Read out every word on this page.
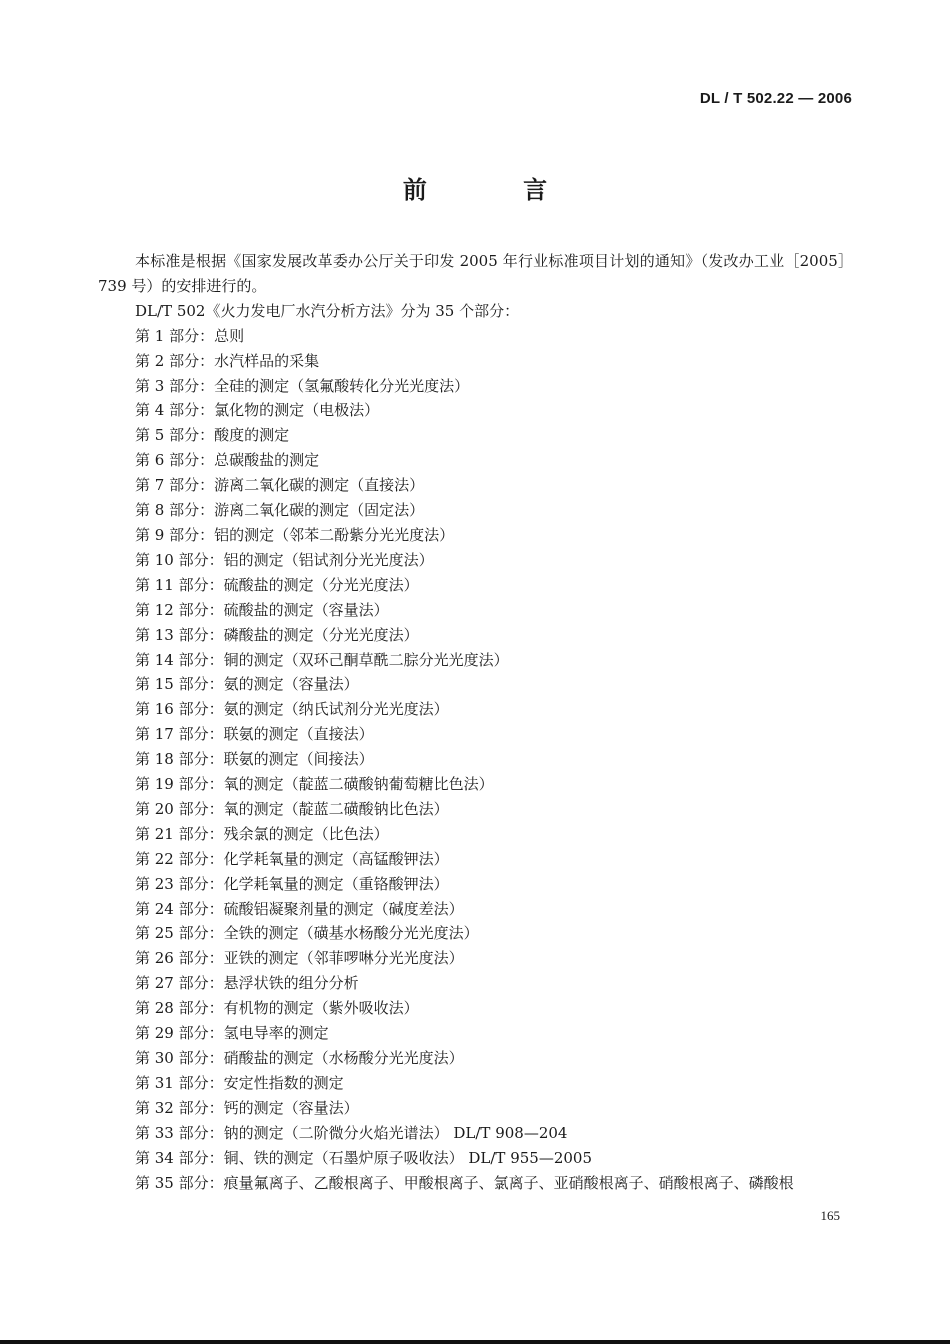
DL / T 502.22 — 2006
前 言

本标准是根据《国家发展改革委办公厅关于印发 2005 年行业标准项目计划的通知》（发改办工业［2005］739 号）的安排进行的。

DL/T 502《火力发电厂水汽分析方法》分为 35 个部分：

第 1 部分：总则
第 2 部分：水汽样品的采集
第 3 部分：全硅的测定（氢氟酸转化分光光度法）
第 4 部分：氯化物的测定（电极法）
第 5 部分：酸度的测定
第 6 部分：总碳酸盐的测定
第 7 部分：游离二氧化碳的测定（直接法）
第 8 部分：游离二氧化碳的测定（固定法）
第 9 部分：铝的测定（邻苯二酚紫分光光度法）
第 10 部分：铝的测定（铝试剂分光光度法）
第 11 部分：硫酸盐的测定（分光光度法）
第 12 部分：硫酸盐的测定（容量法）
第 13 部分：磷酸盐的测定（分光光度法）
第 14 部分：铜的测定（双环己酮草酰二腙分光光度法）
第 15 部分：氨的测定（容量法）
第 16 部分：氨的测定（纳氏试剂分光光度法）
第 17 部分：联氨的测定（直接法）
第 18 部分：联氨的测定（间接法）
第 19 部分：氧的测定（靛蓝二磺酸钠葡萄糖比色法）
第 20 部分：氧的测定（靛蓝二磺酸钠比色法）
第 21 部分：残余氯的测定（比色法）
第 22 部分：化学耗氧量的测定（高锰酸钾法）
第 23 部分：化学耗氧量的测定（重铬酸钾法）
第 24 部分：硫酸铝凝聚剂量的测定（碱度差法）
第 25 部分：全铁的测定（磺基水杨酸分光光度法）
第 26 部分：亚铁的测定（邻菲啰啉分光光度法）
第 27 部分：悬浮状铁的组分分析
第 28 部分：有机物的测定（紫外吸收法）
第 29 部分：氢电导率的测定
第 30 部分：硝酸盐的测定（水杨酸分光光度法）
第 31 部分：安定性指数的测定
第 32 部分：钙的测定（容量法）
第 33 部分：钠的测定（二阶微分火焰光谱法） DL/T 908—204
第 34 部分：铜、铁的测定（石墨炉原子吸收法） DL/T 955—2005
第 35 部分：痕量氟离子、乙酸根离子、甲酸根离子、氯离子、亚硝酸根离子、硝酸根离子、磷酸根
165
